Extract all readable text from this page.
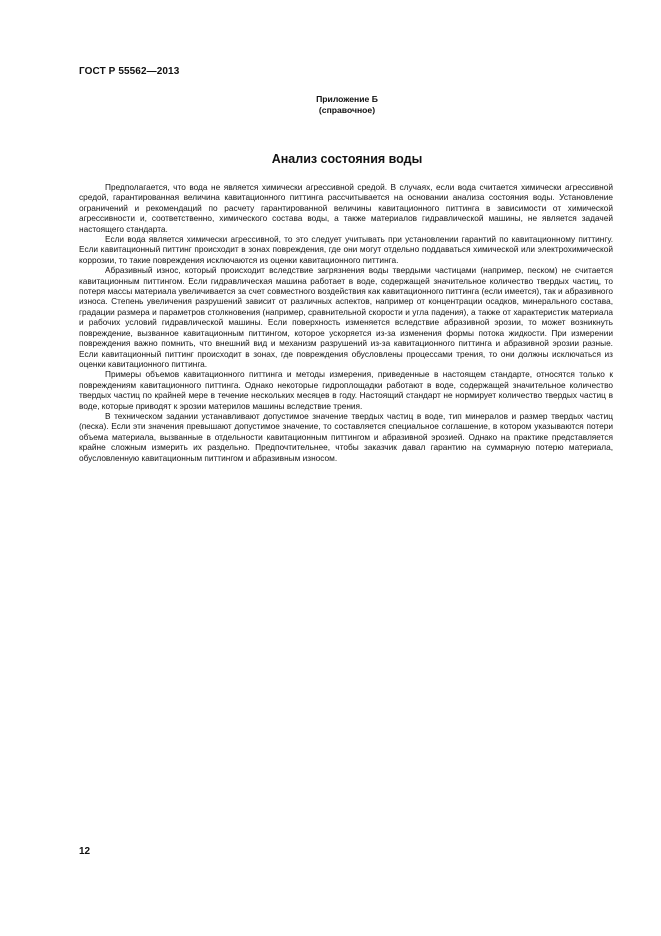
ГОСТ Р 55562—2013
Приложение Б
(справочное)
Анализ состояния воды

Предполагается, что вода не является химически агрессивной средой. В случаях, если вода считается химически агрессивной средой, гарантированная величина кавитационного питтинга рассчитывается на основании анализа состояния воды. Установление ограничений и рекомендаций по расчету гарантированной величины кавитационного питтинга в зависимости от химической агрессивности и, соответственно, химического состава воды, а также материалов гидравлической машины, не является задачей настоящего стандарта.

Если вода является химически агрессивной, то это следует учитывать при установлении гарантий по кавитационному питтингу. Если кавитационный питтинг происходит в зонах повреждения, где они могут отдельно поддаваться химической или электрохимической коррозии, то такие повреждения исключаются из оценки кавитационного питтинга.

Абразивный износ, который происходит вследствие загрязнения воды твердыми частицами (например, песком) не считается кавитационным питтингом. Если гидравлическая машина работает в воде, содержащей значительное количество твердых частиц, то потеря массы материала увеличивается за счет совместного воздействия как кавитационного питтинга (если имеется), так и абразивного износа. Степень увеличения разрушений зависит от различных аспектов, например от концентрации осадков, минерального состава, градации размера и параметров столкновения (например, сравнительной скорости и угла падения), а также от характеристик материала и рабочих условий гидравлической машины. Если поверхность изменяется вследствие абразивной эрозии, то может возникнуть повреждение, вызванное кавитационным питтингом, которое ускоряется из-за изменения формы потока жидкости. При измерении повреждения важно помнить, что внешний вид и механизм разрушений из-за кавитационного питтинга и абразивной эрозии разные. Если кавитационный питтинг происходит в зонах, где повреждения обусловлены процессами трения, то они должны исключаться из оценки кавитационного питтинга.

Примеры объемов кавитационного питтинга и методы измерения, приведенные в настоящем стандарте, относятся только к повреждениям кавитационного питтинга. Однако некоторые гидроплощадки работают в воде, содержащей значительное количество твердых частиц по крайней мере в течение нескольких месяцев в году. Настоящий стандарт не нормирует количество твердых частиц в воде, которые приводят к эрозии материлов машины вследствие трения.

В техническом задании устанавливают допустимое значение твердых частиц в воде, тип минералов и размер твердых частиц (песка). Если эти значения превышают допустимое значение, то составляется специальное соглашение, в котором указываются потери объема материала, вызванные в отдельности кавитационным питтингом и абразивной эрозией. Однако на практике представляется крайне сложным измерить их раздельно. Предпочтительнее, чтобы заказчик давал гарантию на суммарную потерю материала, обусловленную кавитационным питтингом и абразивным износом.

12
